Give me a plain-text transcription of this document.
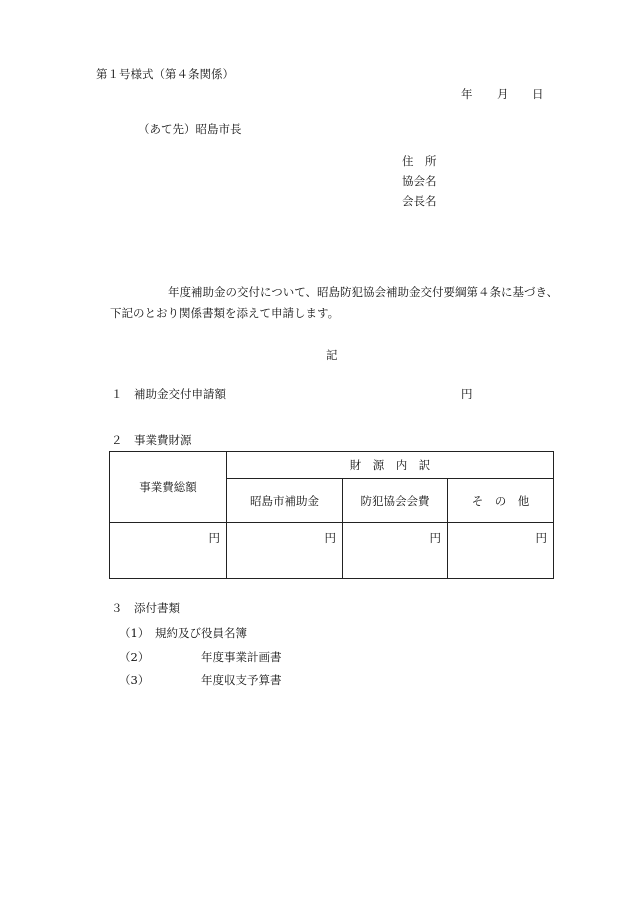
第１号様式（第４条関係）
年 月 日
（あて先）昭島市長
住　所
協会名
会長名
年度補助金の交付について、昭島防犯協会補助金交付要綱第４条に基づき、
下記のとおり関係書類を添えて申請します。
記
１ 補助金交付申請額	円
２ 事業費財源
事業費総額	財　源　内　訳		
	昭島市補助金	防犯協会会費	そ　の　他
円	円	円	円
３ 添付書類
（1） 規約及び役員名簿
（2）	年度事業計画書
（3）	年度収支予算書
